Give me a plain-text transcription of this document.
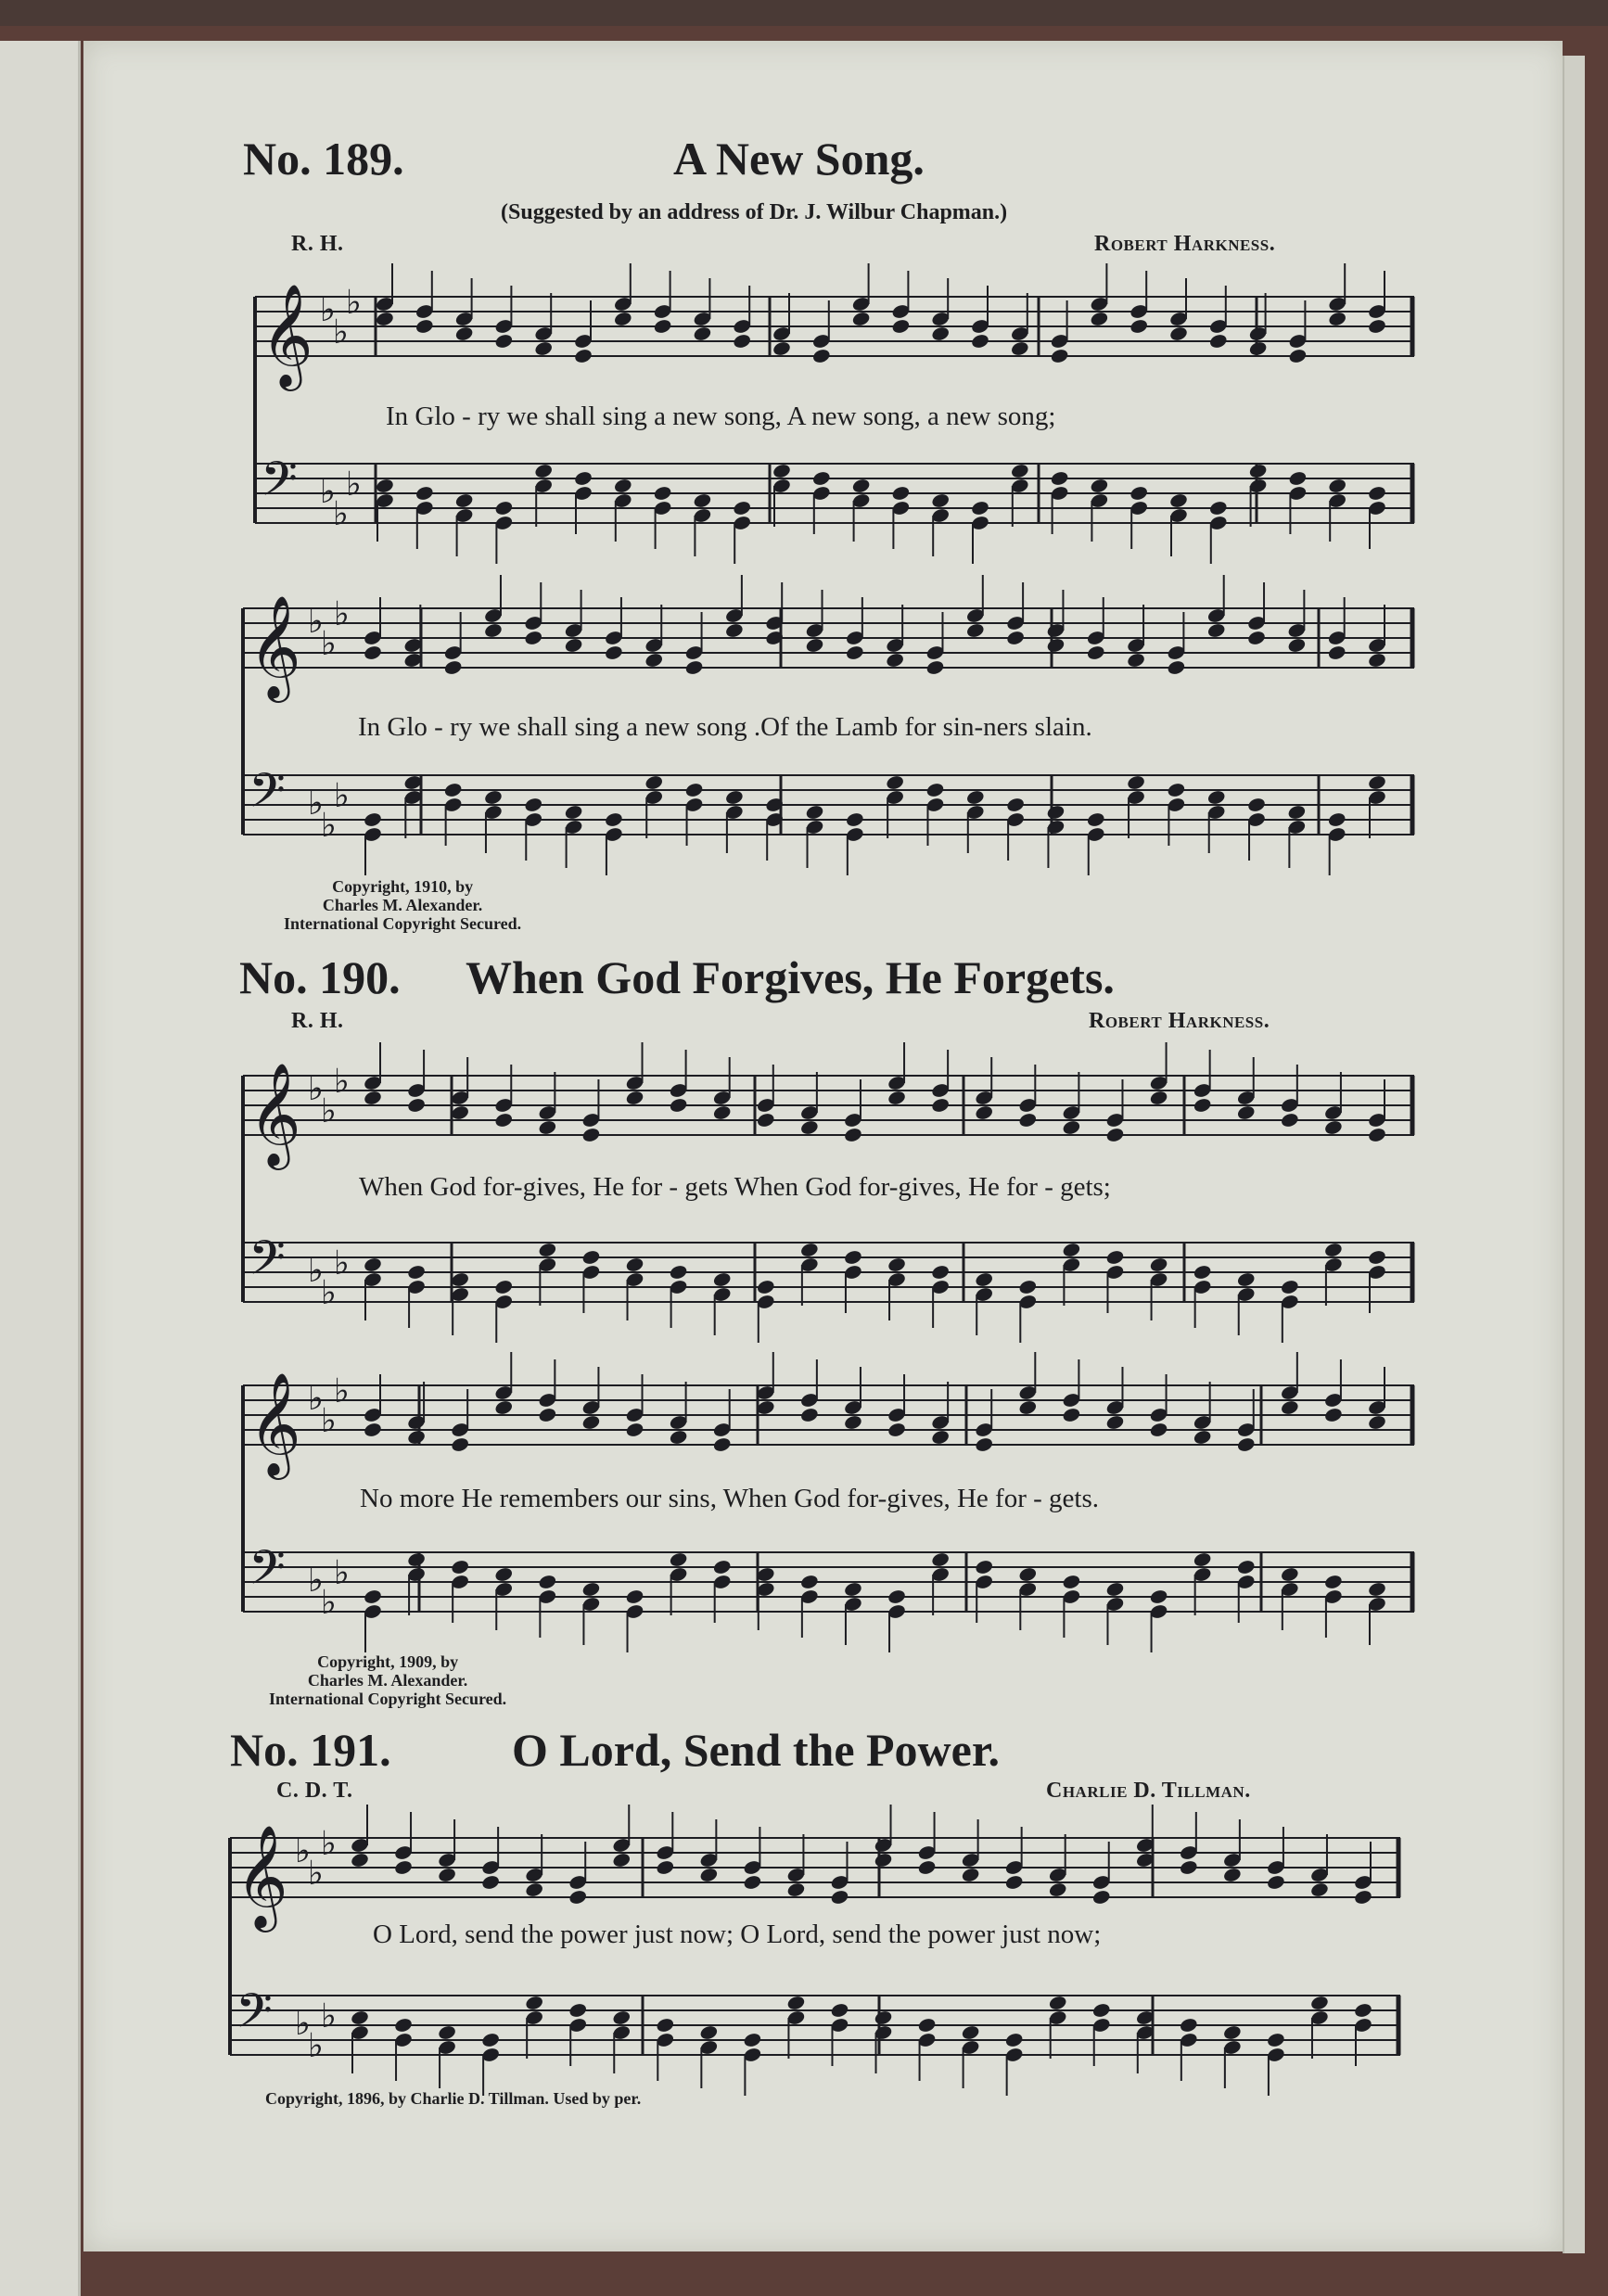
No. 189.	A New Song.
(Suggested by an address of Dr. J. Wilbur Chapman.)
R. H.	Robert Harkness.
𝄞 ♭
♭
♭
𝄢 ♭
♭
♭
In Glo - ry we shall sing a new song, A new song, a new song;
𝄞 ♭
♭
♭
𝄢 ♭
♭
♭
In Glo - ry we shall sing a new song .Of the Lamb for sin-ners slain.
Copyright, 1910, by
Charles M. Alexander.
International Copyright Secured.
No. 190. When God Forgives, He Forgets.
R. H.	Robert Harkness.
𝄞 ♭
♭
♭
𝄢 ♭
♭
♭
When God for-gives, He for - gets When God for-gives, He for - gets;
𝄞 ♭
♭
♭
𝄢 ♭
♭
♭
No more He remembers our sins, When God for-gives, He for - gets.
Copyright, 1909, by
Charles M. Alexander.
International Copyright Secured.
No. 191.	O Lord, Send the Power.
C. D. T.	Charlie D. Tillman.
𝄞 ♭
♭
♭
𝄢 ♭
♭
♭
O Lord, send the power just now; O Lord, send the power just now;
Copyright, 1896, by Charlie D. Tillman. Used by per.
